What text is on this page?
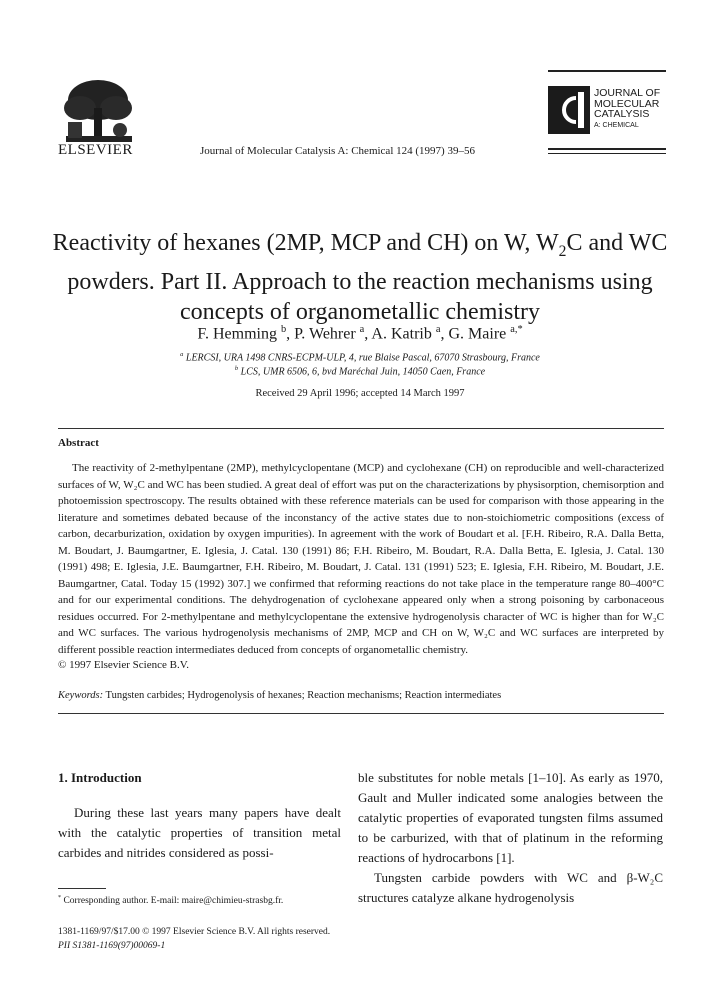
ELSEVIER	Journal of Molecular Catalysis A: Chemical 124 (1997) 39–56
JOURNAL OF
MOLECULAR
CATALYSIS
A: CHEMICAL
Reactivity of hexanes (2MP, MCP and CH) on W, $W_2C$ and WC
powders. Part II. Approach to the reaction mechanisms using
concepts of organometallic chemistry
F. Hemming $^b$, P. Wehrer $^a$, A. Katrib $^a$, G. Maire $^{a,*}$
$^a$ LERCSI, URA 1498 CNRS-ECPM-ULP, 4, rue Blaise Pascal, 67070 Strasbourg, France
$^b$ LCS, UMR 6506, 6, bvd Maréchal Juin, 14050 Caen, France
Received 29 April 1996; accepted 14 March 1997
Abstract
The reactivity of 2-methylpentane (2MP), methylcyclopentane (MCP) and cyclohexane (CH) on reproducible and well-characterized surfaces of W, W₂C and WC has been studied. A great deal of effort was put on the characterizations by physisorption, chemisorption and photoemission spectroscopy. The results obtained with these reference materials can be used for comparison with those appearing in the literature and sometimes debated because of the inconstancy of the active states due to non-stoichiometric compositions (excess of carbon, decarburization, oxidation by oxygen impurities). In agreement with the work of Boudart et al. [F.H. Ribeiro, R.A. Dalla Betta, M. Boudart, J. Baumgartner, E. Iglesia, J. Catal. 130 (1991) 86; F.H. Ribeiro, M. Boudart, R.A. Dalla Betta, E. Iglesia, J. Catal. 130 (1991) 498; E. Iglesia, J.E. Baumgartner, F.H. Ribeiro, M. Boudart, J. Catal. 131 (1991) 523; E. Iglesia, F.H. Ribeiro, M. Boudart, J.E. Baumgartner, Catal. Today 15 (1992) 307.] we confirmed that reforming reactions do not take place in the temperature range 80–400°C and for our experimental conditions. The dehydrogenation of cyclohexane appeared only when a strong poisoning by carbonaceous residues occurred. For 2-methylpentane and methylcyclopentane the extensive hydrogenolysis character of WC is higher than for W₂C and WC surfaces. The various hydrogenolysis mechanisms of 2MP, MCP and CH on W, W₂C and WC surfaces are interpreted by different possible reaction intermediates deduced from concepts of organometallic chemistry.
© 1997 Elsevier Science B.V.
Keywords: Tungsten carbides; Hydrogenolysis of hexanes; Reaction mechanisms; Reaction intermediates
1. Introduction
During these last years many papers have dealt with the catalytic properties of transition metal carbides and nitrides considered as possi-
ble substitutes for noble metals [1–10]. As early as 1970, Gault and Muller indicated some analogies between the catalytic properties of evaporated tungsten films assumed to be carburized, with that of platinum in the reforming reactions of hydrocarbons [1].
Tungsten carbide powders with WC and β-W₂C structures catalyze alkane hydrogenolysis
* Corresponding author. E-mail: maire@chimieu-strasbg.fr.
1381-1169/97/$17.00 © 1997 Elsevier Science B.V. All rights reserved.
PII S1381-1169(97)00069-1
